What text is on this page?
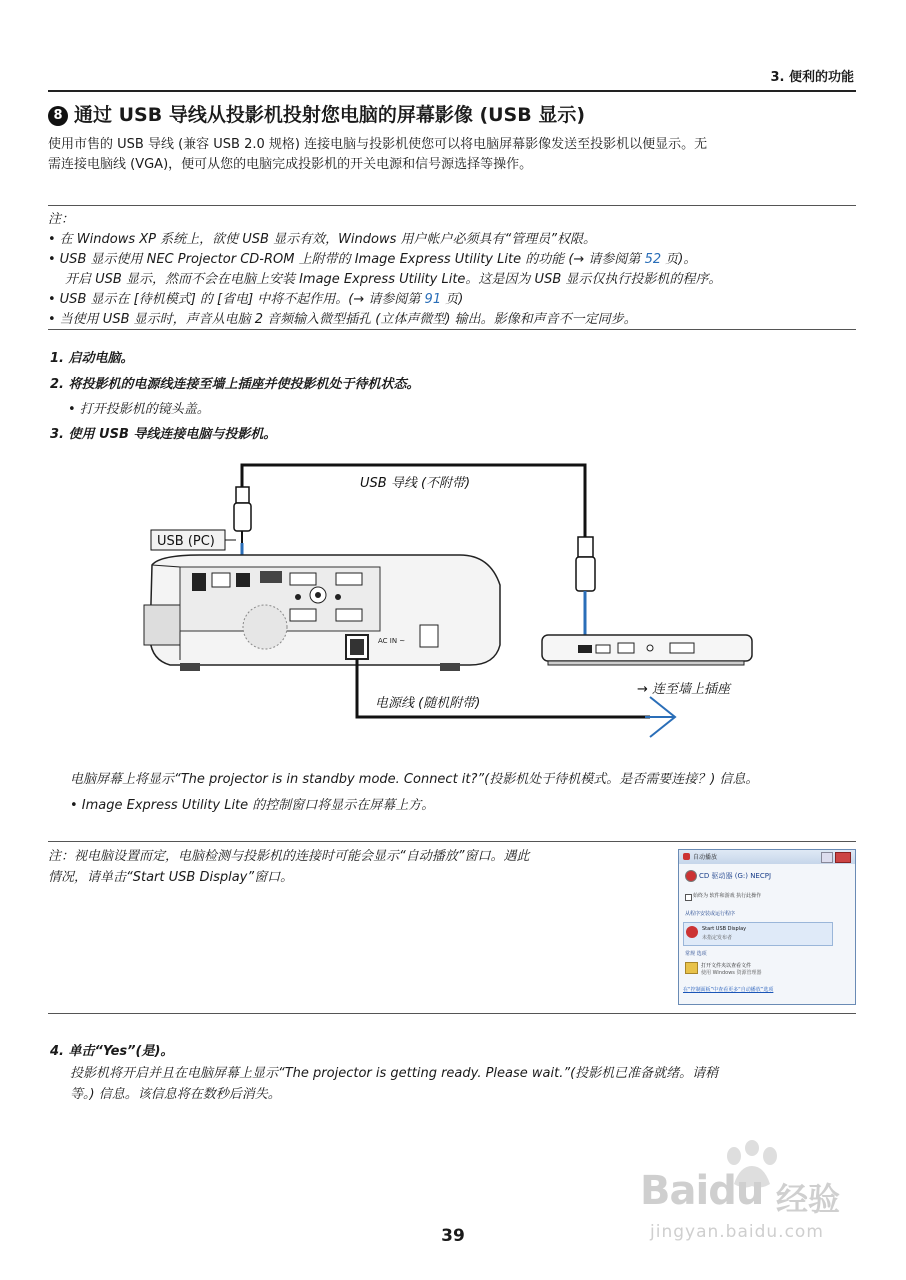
3. 便利的功能
8 通过 USB 导线从投影机投射您电脑的屏幕影像 (USB 显示)
使用市售的 USB 导线 (兼容 USB 2.0 规格) 连接电脑与投影机使您可以将电脑屏幕影像发送至投影机以便显示。无
需连接电脑线 (VGA)，便可从您的电脑完成投影机的开关电源和信号源选择等操作。
注：
• 在 Windows XP 系统上，欲使 USB 显示有效，Windows 用户帐户必须具有“管理员”权限。
• USB 显示使用 NEC Projector CD-ROM 上附带的 Image Express Utility Lite 的功能 (→ 请参阅第 52 页)。
开启 USB 显示，然而不会在电脑上安装 Image Express Utility Lite。这是因为 USB 显示仅执行投影机的程序。
• USB 显示在 [待机模式] 的 [省电] 中将不起作用。(→ 请参阅第 91 页)
• 当使用 USB 显示时，声音从电脑 2 音频输入微型插孔 (立体声微型) 输出。影像和声音不一定同步。
1. 启动电脑。
2. 将投影机的电源线连接至墙上插座并使投影机处于待机状态。
• 打开投影机的镜头盖。
3. 使用 USB 导线连接电脑与投影机。
USB 导线 (不附带)
USB (PC)
AC IN ~
电源线 (随机附带)
→ 连至墙上插座
电脑屏幕上将显示“The projector is in standby mode. Connect it?”(投影机处于待机模式。是否需要连接？) 信息。
• Image Express Utility Lite 的控制窗口将显示在屏幕上方。
注：视电脑设置而定，电脑检测与投影机的连接时可能会显示“自动播放”窗口。遇此
情况，请单击“Start USB Display”窗口。
自动播放
CD 驱动器 (G:) NECPJ
始终为 软件和游戏 执行此操作
从程序安装或运行程序
Start USB Display
未指定发布者
常规 选项
打开文件夹以查看文件
使用 Windows 资源管理器
在“控制面板”中查看更多“自动播放”选项
4. 单击“Yes”(是)。
投影机将开启并且在电脑屏幕上显示“The projector is getting ready. Please wait.”(投影机已准备就绪。请稍
等。) 信息。该信息将在数秒后消失。
Baidu 经验
jingyan.baidu.com
39
